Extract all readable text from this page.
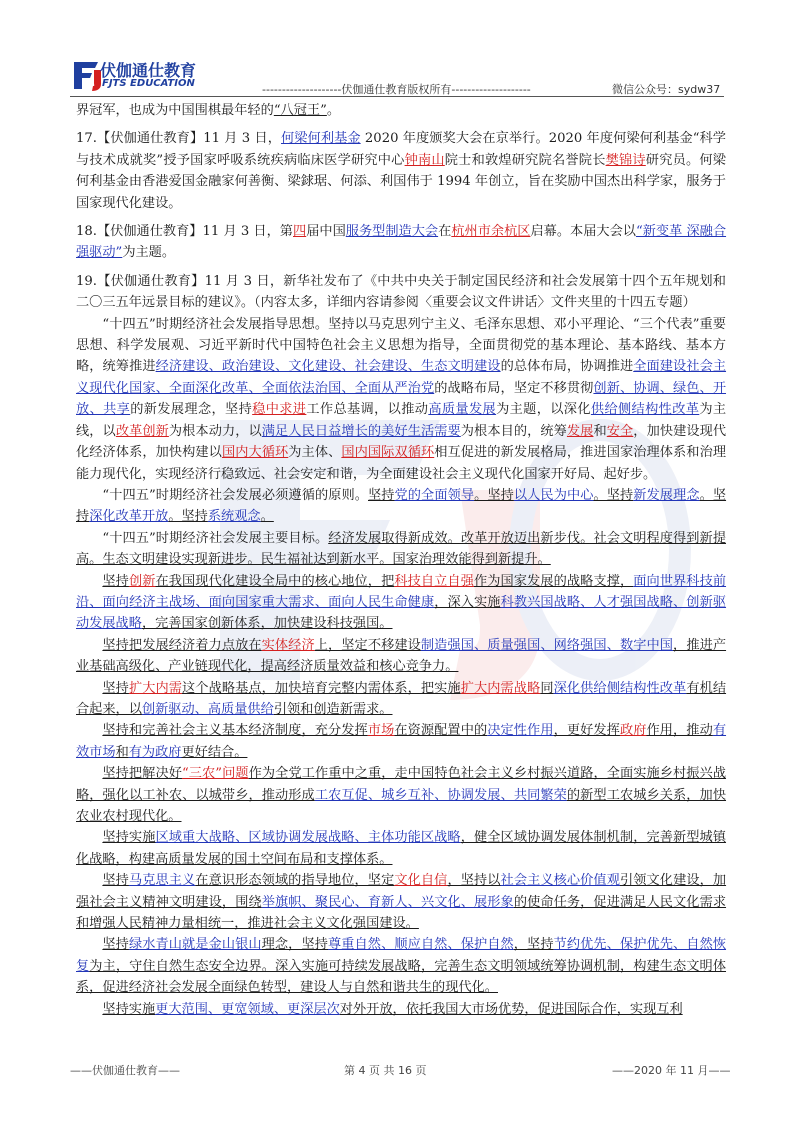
伏伽通仕教育
FJTS EDUCATION	--------------------伏伽通仕教育版权所有--------------------	微信公众号：sydw37

界冠军，也成为中国围棋最年轻的“八冠王”。

17.【伏伽通仕教育】11 月 3 日，何梁何利基金 2020 年度颁奖大会在京举行。2020 年度何梁何利基金“科学与技术成就奖”授予国家呼吸系统疾病临床医学研究中心钟南山院士和敦煌研究院名誉院长樊锦诗研究员。何梁何利基金由香港爱国金融家何善衡、梁銶琚、何添、利国伟于 1994 年创立，旨在奖励中国杰出科学家，服务于国家现代化建设。

18.【伏伽通仕教育】11 月 3 日，第四届中国服务型制造大会在杭州市余杭区启幕。本届大会以“新变革 深融合 强驱动”为主题。

19.【伏伽通仕教育】11 月 3 日，新华社发布了《中共中央关于制定国民经济和社会发展第十四个五年规划和二〇三五年远景目标的建议》。（内容太多，详细内容请参阅〈重要会议文件讲话〉文件夹里的十四五专题）

“十四五”时期经济社会发展指导思想。坚持以马克思列宁主义、毛泽东思想、邓小平理论、“三个代表”重要思想、科学发展观、习近平新时代中国特色社会主义思想为指导，全面贯彻党的基本理论、基本路线、基本方略，统筹推进经济建设、政治建设、文化建设、社会建设、生态文明建设的总体布局，协调推进全面建设社会主义现代化国家、全面深化改革、全面依法治国、全面从严治党的战略布局，坚定不移贯彻创新、协调、绿色、开放、共享的新发展理念，坚持稳中求进工作总基调，以推动高质量发展为主题，以深化供给侧结构性改革为主线，以改革创新为根本动力，以满足人民日益增长的美好生活需要为根本目的，统筹发展和安全，加快建设现代化经济体系，加快构建以国内大循环为主体、国内国际双循环相互促进的新发展格局，推进国家治理体系和治理能力现代化，实现经济行稳致远、社会安定和谐，为全面建设社会主义现代化国家开好局、起好步。

“十四五”时期经济社会发展必须遵循的原则。坚持党的全面领导。坚持以人民为中心。坚持新发展理念。坚持深化改革开放。坚持系统观念。

“十四五”时期经济社会发展主要目标。经济发展取得新成效。改革开放迈出新步伐。社会文明程度得到新提高。生态文明建设实现新进步。民生福祉达到新水平。国家治理效能得到新提升。

坚持创新在我国现代化建设全局中的核心地位，把科技自立自强作为国家发展的战略支撑，面向世界科技前沿、面向经济主战场、面向国家重大需求、面向人民生命健康，深入实施科教兴国战略、人才强国战略、创新驱动发展战略，完善国家创新体系，加快建设科技强国。

坚持把发展经济着力点放在实体经济上，坚定不移建设制造强国、质量强国、网络强国、数字中国，推进产业基础高级化、产业链现代化，提高经济质量效益和核心竞争力。

坚持扩大内需这个战略基点，加快培育完整内需体系，把实施扩大内需战略同深化供给侧结构性改革有机结合起来，以创新驱动、高质量供给引领和创造新需求。

坚持和完善社会主义基本经济制度，充分发挥市场在资源配置中的决定性作用，更好发挥政府作用，推动有效市场和有为政府更好结合。

坚持把解决好“三农”问题作为全党工作重中之重，走中国特色社会主义乡村振兴道路，全面实施乡村振兴战略，强化以工补农、以城带乡，推动形成工农互促、城乡互补、协调发展、共同繁荣的新型工农城乡关系，加快农业农村现代化。

坚持实施区域重大战略、区域协调发展战略、主体功能区战略，健全区域协调发展体制机制，完善新型城镇化战略，构建高质量发展的国土空间布局和支撑体系。

坚持马克思主义在意识形态领域的指导地位，坚定文化自信，坚持以社会主义核心价值观引领文化建设，加强社会主义精神文明建设，围绕举旗帜、聚民心、育新人、兴文化、展形象的使命任务，促进满足人民文化需求和增强人民精神力量相统一，推进社会主义文化强国建设。

坚持绿水青山就是金山银山理念，坚持尊重自然、顺应自然、保护自然，坚持节约优先、保护优先、自然恢复为主，守住自然生态安全边界。深入实施可持续发展战略，完善生态文明领域统筹协调机制，构建生态文明体系，促进经济社会发展全面绿色转型，建设人与自然和谐共生的现代化。

坚持实施更大范围、更宽领域、更深层次对外开放，依托我国大市场优势，促进国际合作，实现互利

——伏伽通仕教育——	第 4 页 共 16 页	——2020 年 11 月——
